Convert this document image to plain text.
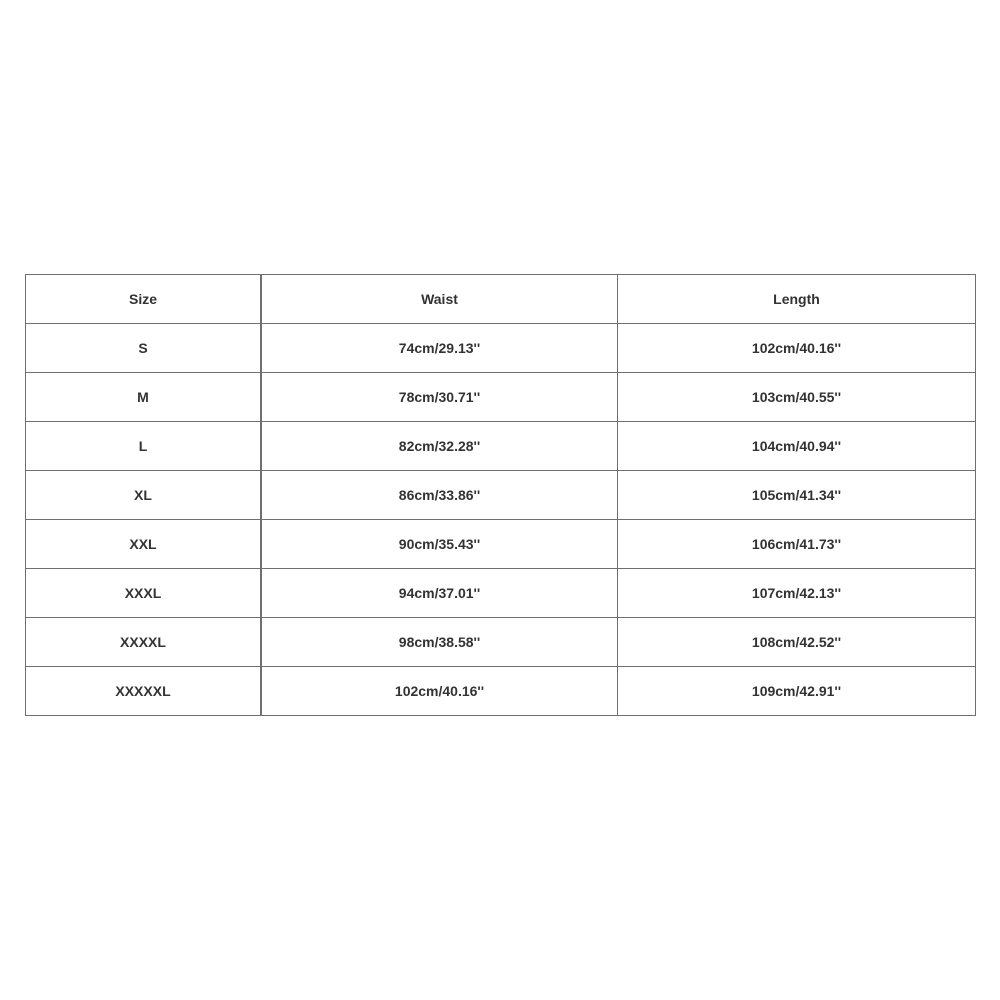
Size	Waist	Length
S	74cm/29.13''	102cm/40.16''
M	78cm/30.71''	103cm/40.55''
L	82cm/32.28''	104cm/40.94''
XL	86cm/33.86''	105cm/41.34''
XXL	90cm/35.43''	106cm/41.73''
XXXL	94cm/37.01''	107cm/42.13''
XXXXL	98cm/38.58''	108cm/42.52''
XXXXXL	102cm/40.16''	109cm/42.91''
